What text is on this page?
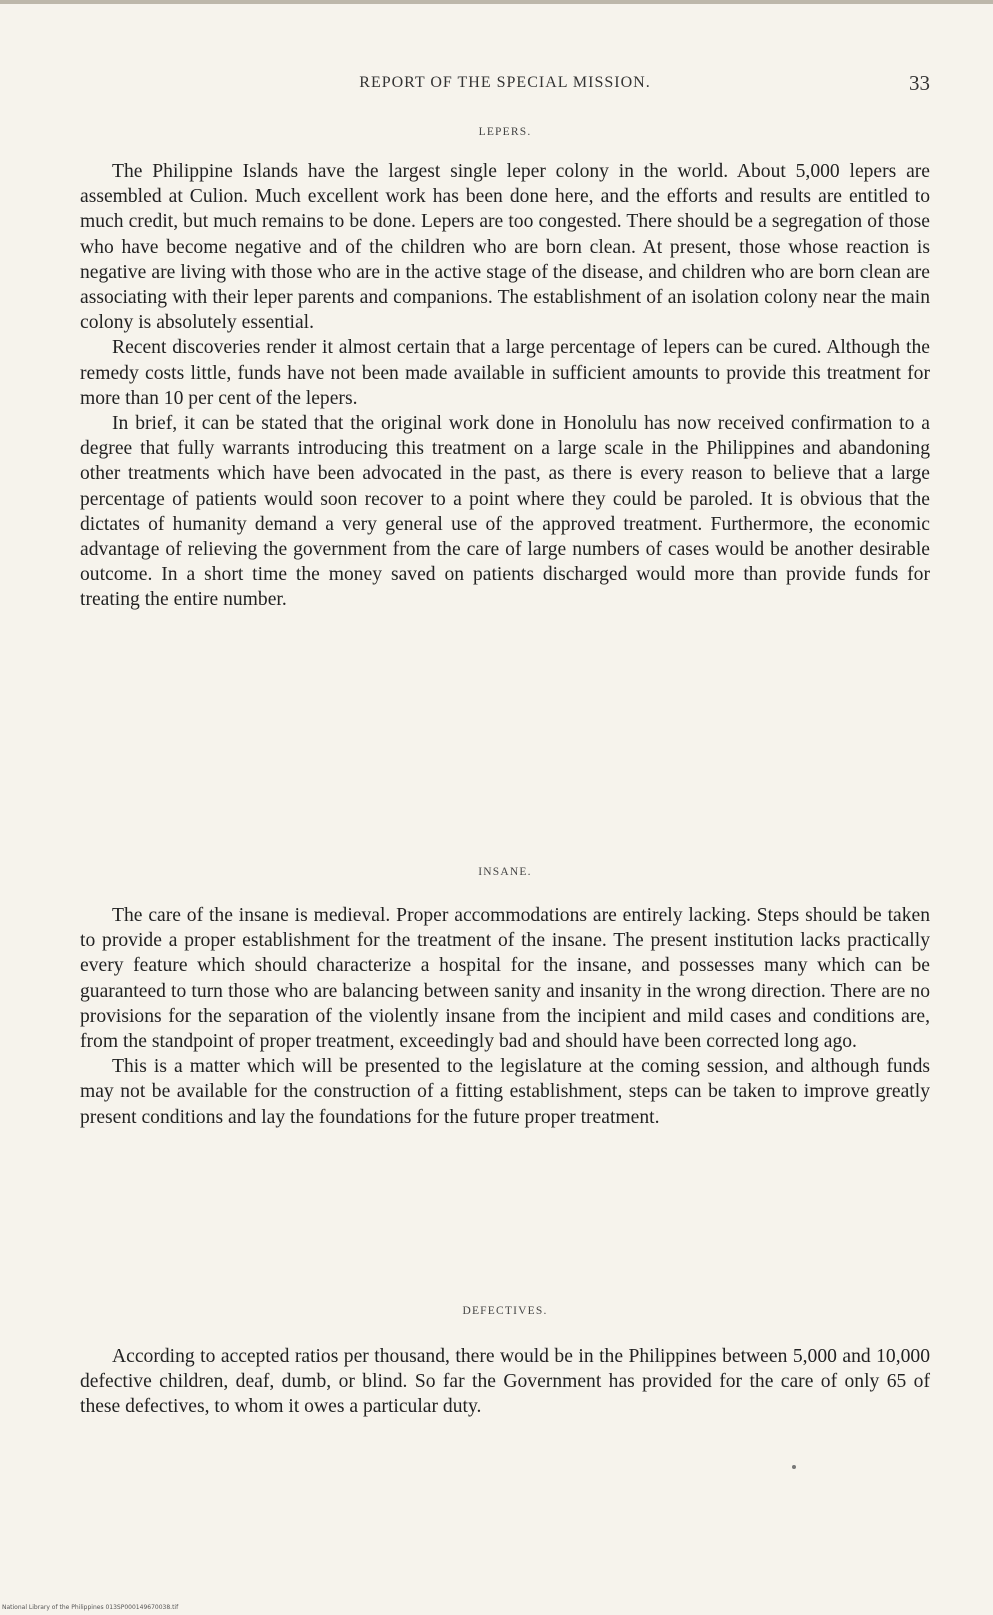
REPORT OF THE SPECIAL MISSION.	33
LEPERS.

The Philippine Islands have the largest single leper colony in the world. About 5,000 lepers are assembled at Culion. Much excellent work has been done here, and the efforts and results are entitled to much credit, but much remains to be done. Lepers are too congested. There should be a segregation of those who have become negative and of the children who are born clean. At present, those whose reaction is negative are living with those who are in the active stage of the disease, and children who are born clean are associating with their leper parents and companions. The establishment of an isolation colony near the main colony is absolutely essential.

Recent discoveries render it almost certain that a large percentage of lepers can be cured. Although the remedy costs little, funds have not been made available in sufficient amounts to provide this treatment for more than 10 per cent of the lepers.

In brief, it can be stated that the original work done in Honolulu has now received confirmation to a degree that fully warrants introducing this treatment on a large scale in the Philippines and abandoning other treatments which have been advocated in the past, as there is every reason to believe that a large percentage of patients would soon recover to a point where they could be paroled. It is obvious that the dictates of humanity demand a very general use of the approved treatment. Furthermore, the economic advantage of relieving the government from the care of large numbers of cases would be another desirable outcome. In a short time the money saved on patients discharged would more than provide funds for treating the entire number.

INSANE.

The care of the insane is medieval. Proper accommodations are entirely lacking. Steps should be taken to provide a proper establishment for the treatment of the insane. The present institution lacks practically every feature which should characterize a hospital for the insane, and possesses many which can be guaranteed to turn those who are balancing between sanity and insanity in the wrong direction. There are no provisions for the separation of the violently insane from the incipient and mild cases and conditions are, from the standpoint of proper treatment, exceedingly bad and should have been corrected long ago.

This is a matter which will be presented to the legislature at the coming session, and although funds may not be available for the construction of a fitting establishment, steps can be taken to improve greatly present conditions and lay the foundations for the future proper treatment.

DEFECTIVES.

According to accepted ratios per thousand, there would be in the Philippines between 5,000 and 10,000 defective children, deaf, dumb, or blind. So far the Government has provided for the care of only 65 of these defectives, to whom it owes a particular duty.

National Library of the Philippines 013SP000149670038.tif
